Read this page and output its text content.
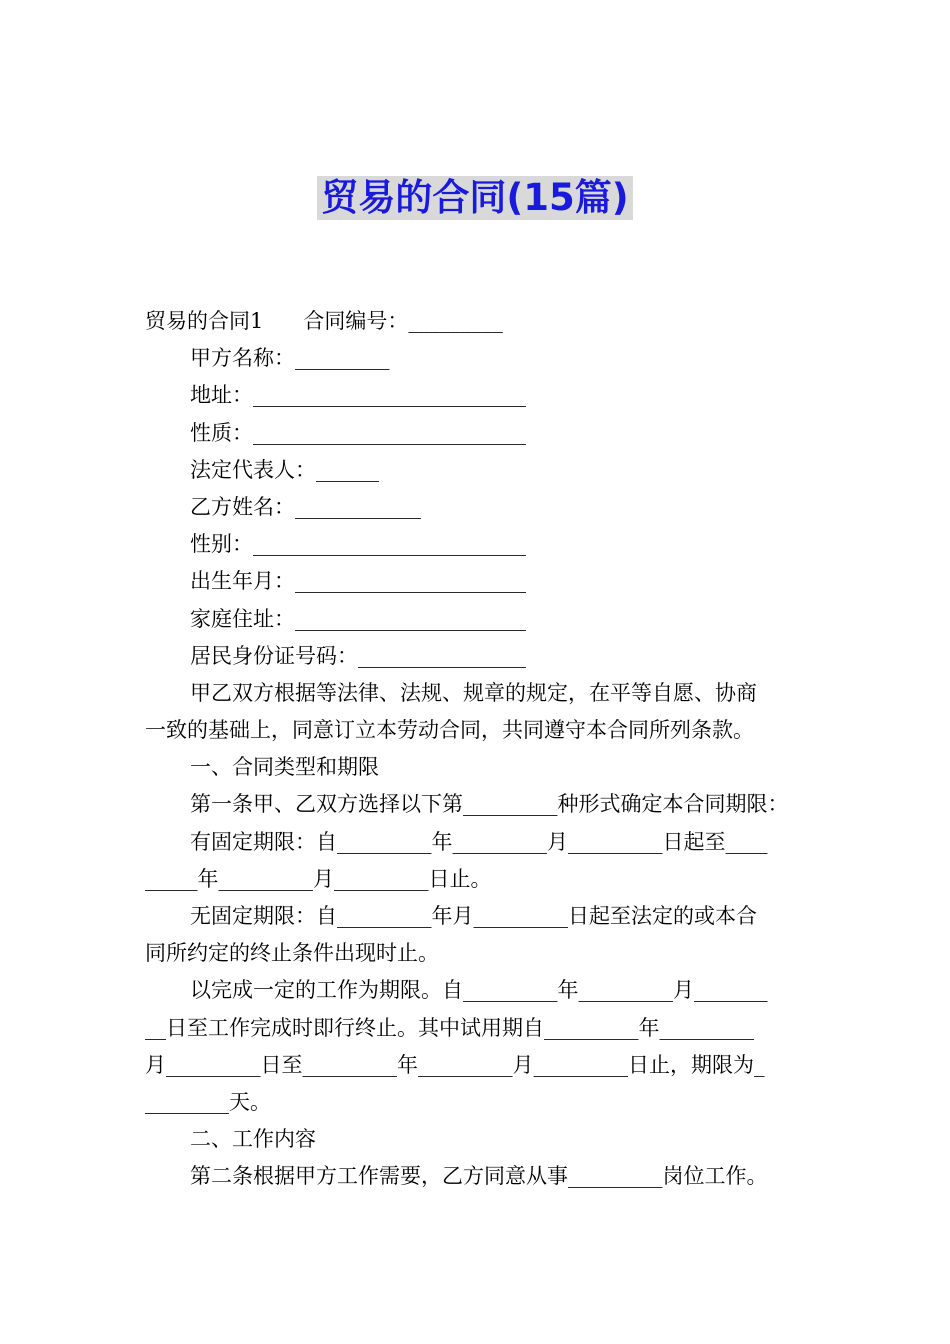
贸易的合同(15篇)
贸易的合同1      合同编号：_________
甲方名称：_________
地址：__________________________
性质：__________________________
法定代表人：______
乙方姓名：____________
性别：__________________________
出生年月：______________________
家庭住址：______________________
居民身份证号码：________________
甲乙双方根据等法律、法规、规章的规定，在平等自愿、协商
一致的基础上，同意订立本劳动合同，共同遵守本合同所列条款。
一、合同类型和期限
第一条甲、乙双方选择以下第_________种形式确定本合同期限：
有固定期限：自_________年_________月_________日起至____
_____年_________月_________日止。
无固定期限：自_________年月_________日起至法定的或本合
同所约定的终止条件出现时止。
以完成一定的工作为期限。自_________年_________月_______
__日至工作完成时即行终止。其中试用期自_________年_________
月_________日至_________年_________月_________日止，期限为_
________天。
二、工作内容
第二条根据甲方工作需要，乙方同意从事_________岗位工作。
